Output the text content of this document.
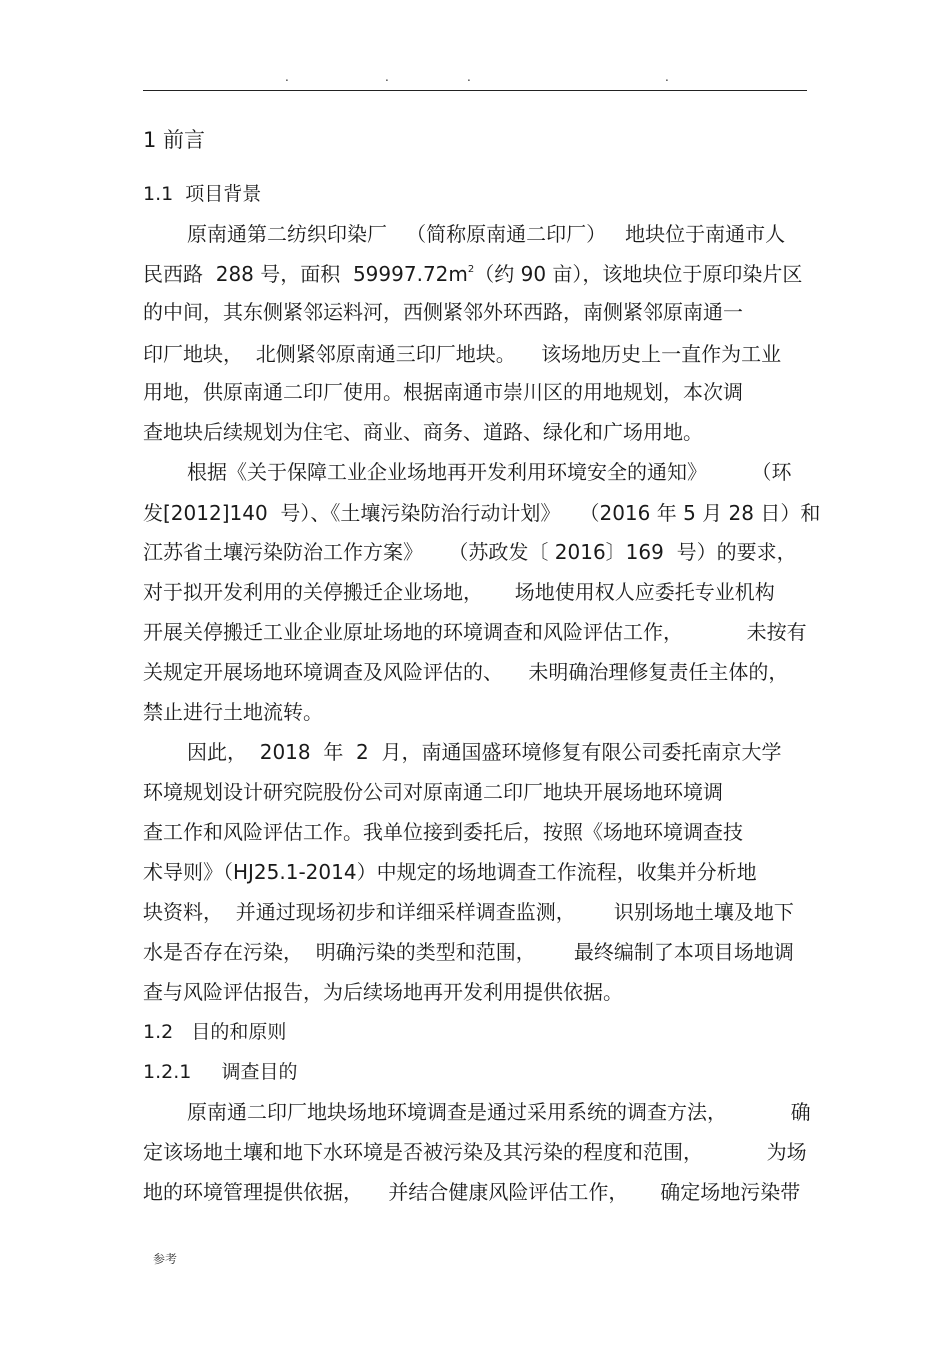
.	.	.	.
1 前言
1.1  项目背景
原南通第二纺织印染厂   （简称原南通二印厂）   地块位于南通市人
民西路  288 号，面积  $59997.72m^2$（约 90 亩），该地块位于原印染片区
的中间，其东侧紧邻运料河，西侧紧邻外环西路，南侧紧邻原南通一
印厂地块，  北侧紧邻原南通三印厂地块。    该场地历史上一直作为工业
用地，供原南通二印厂使用。根据南通市崇川区的用地规划，本次调
查地块后续规划为住宅、商业、商务、道路、绿化和广场用地。
根据《关于保障工业企业场地再开发利用环境安全的通知》       （环
发[2012]140  号）、《土壤污染防治行动计划》   （2016 年 5 月 28 日）和
江苏省土壤污染防治工作方案》    （苏政发〔 2016〕169  号）的要求，
对于拟开发利用的关停搬迁企业场地，     场地使用权人应委托专业机构
开展关停搬迁工业企业原址场地的环境调查和风险评估工作，          未按有
关规定开展场地环境调查及风险评估的、    未明确治理修复责任主体的，
禁止进行土地流转。
因此，  2018  年  2  月，南通国盛环境修复有限公司委托南京大学
环境规划设计研究院股份公司对原南通二印厂地块开展场地环境调
查工作和风险评估工作。我单位接到委托后，按照《场地环境调查技
术导则》（HJ25.1-2014）中规定的场地调查工作流程，收集并分析地
块资料，  并通过现场初步和详细采样调查监测，      识别场地土壤及地下
水是否存在污染，  明确污染的类型和范围，      最终编制了本项目场地调
查与风险评估报告，为后续场地再开发利用提供依据。
1.2   目的和原则
1.2.1     调查目的
原南通二印厂地块场地环境调查是通过采用系统的调查方法，          确
定该场地土壤和地下水环境是否被污染及其污染的程度和范围，          为场
地的环境管理提供依据，    并结合健康风险评估工作，     确定场地污染带
参考
